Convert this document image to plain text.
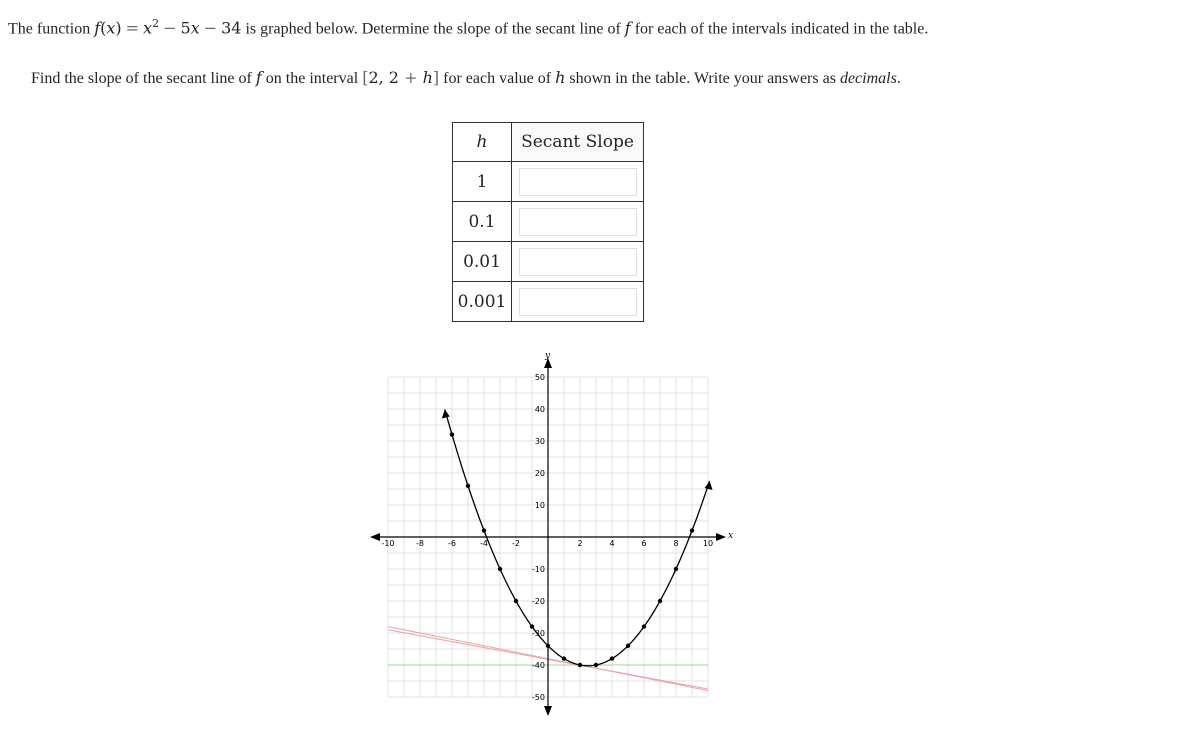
The function $f(x) = x^2 - 5x - 34$ is graphed below. Determine the slope of the secant line of f for each of the intervals indicated in the table.
Find the slope of the secant line of f on the interval [2, 2 + h] for each value of h shown in the table. Write your answers as decimals.
h	Secant Slope
1	

0.1	

0.01	

0.001	
x
y
-10	-8	-6	-4	-2	2	4	6	8	10
50
40
30
20
10
-10
-20
-30
-40
-50
